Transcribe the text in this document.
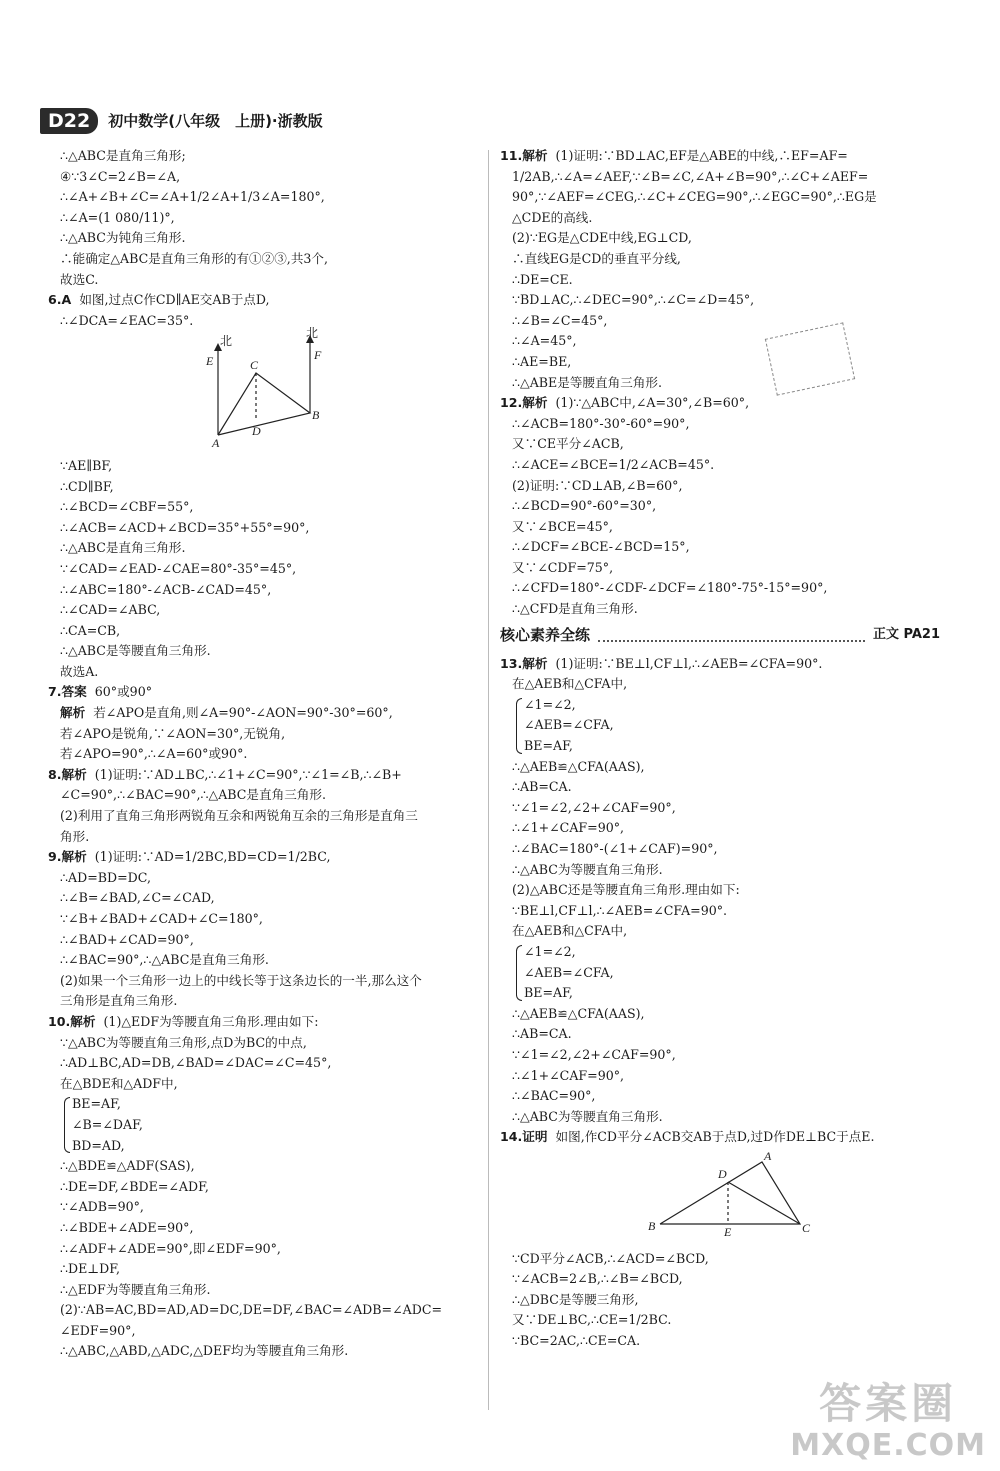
D22	初中数学(八年级　上册)·浙教版
∴△ABC是直角三角形;
④∵3∠C=2∠B=∠A,
∴∠A+∠B+∠C=∠A+1/2∠A+1/3∠A=180°,
∴∠A=(1 080/11)°,
∴△ABC为钝角三角形.
∴能确定△ABC是直角三角形的有①②③,共3个,
故选C.
6.A 如图,过点C作CD∥AE交AB于点D,
∴∠DCA=∠EAC=35°.
北
北
E	C
F
A
D
B
∵AE∥BF,
∴CD∥BF,
∴∠BCD=∠CBF=55°,
∴∠ACB=∠ACD+∠BCD=35°+55°=90°,
∴△ABC是直角三角形.
∵∠CAD=∠EAD-∠CAE=80°-35°=45°,
∴∠ABC=180°-∠ACB-∠CAD=45°,
∴∠CAD=∠ABC,
∴CA=CB,
∴△ABC是等腰直角三角形.
故选A.
7.答案 60°或90°
解析 若∠APO是直角,则∠A=90°-∠AON=90°-30°=60°,
若∠APO是锐角,∵∠AON=30°,无锐角,
若∠APO=90°,∴∠A=60°或90°.
8.解析 (1)证明:∵AD⊥BC,∴∠1+∠C=90°,∵∠1=∠B,∴∠B+
∠C=90°,∴∠BAC=90°,∴△ABC是直角三角形.
(2)利用了直角三角形两锐角互余和两锐角互余的三角形是直角三
角形.
9.解析 (1)证明:∵AD=1/2BC,BD=CD=1/2BC,
∴AD=BD=DC,
∴∠B=∠BAD,∠C=∠CAD,
∵∠B+∠BAD+∠CAD+∠C=180°,
∴∠BAD+∠CAD=90°,
∴∠BAC=90°,∴△ABC是直角三角形.
(2)如果一个三角形一边上的中线长等于这条边长的一半,那么这个
三角形是直角三角形.
10.解析 (1)△EDF为等腰直角三角形.理由如下:
∵△ABC为等腰直角三角形,点D为BC的中点,
∴AD⊥BC,AD=DB,∠BAD=∠DAC=∠C=45°,
在△BDE和△ADF中,
BE=AF,
∠B=∠DAF,
BD=AD,
∴△BDE≌△ADF(SAS),
∴DE=DF,∠BDE=∠ADF,
∵∠ADB=90°,
∴∠BDE+∠ADE=90°,
∴∠ADF+∠ADE=90°,即∠EDF=90°,
∴DE⊥DF,
∴△EDF为等腰直角三角形.
(2)∵AB=AC,BD=AD,AD=DC,DE=DF,∠BAC=∠ADB=∠ADC=
∠EDF=90°,
∴△ABC,△ABD,△ADC,△DEF均为等腰直角三角形.
11.解析 (1)证明:∵BD⊥AC,EF是△ABE的中线,∴EF=AF=
1/2AB,∴∠A=∠AEF,∵∠B=∠C,∠A+∠B=90°,∴∠C+∠AEF=
90°,∵∠AEF=∠CEG,∴∠C+∠CEG=90°,∴∠EGC=90°,∴EG是
△CDE的高线.
(2)∵EG是△CDE中线,EG⊥CD,
∴直线EG是CD的垂直平分线,
∴DE=CE.
∵BD⊥AC,∴∠DEC=90°,∴∠C=∠D=45°,
∴∠B=∠C=45°,
∴∠A=45°,
∴AE=BE,
∴△ABE是等腰直角三角形.
12.解析 (1)∵△ABC中,∠A=30°,∠B=60°,
∴∠ACB=180°-30°-60°=90°,
又∵CE平分∠ACB,
∴∠ACE=∠BCE=1/2∠ACB=45°.
(2)证明:∵CD⊥AB,∠B=60°,
∴∠BCD=90°-60°=30°,
又∵∠BCE=45°,
∴∠DCF=∠BCE-∠BCD=15°,
又∵∠CDF=75°,
∴∠CFD=180°-∠CDF-∠DCF=∠180°-75°-15°=90°,
∴△CFD是直角三角形.
核心素养全练	正文 PA21
13.解析 (1)证明:∵BE⊥l,CF⊥l,∴∠AEB=∠CFA=90°.
在△AEB和△CFA中,
∠1=∠2,
∠AEB=∠CFA,
BE=AF,
∴△AEB≌△CFA(AAS),
∴AB=CA.
∵∠1=∠2,∠2+∠CAF=90°,
∴∠1+∠CAF=90°,
∴∠BAC=180°-(∠1+∠CAF)=90°,
∴△ABC为等腰直角三角形.
(2)△ABC还是等腰直角三角形.理由如下:
∵BE⊥l,CF⊥l,∴∠AEB=∠CFA=90°.
在△AEB和△CFA中,
∠1=∠2,
∠AEB=∠CFA,
BE=AF,
∴△AEB≌△CFA(AAS),
∴AB=CA.
∵∠1=∠2,∠2+∠CAF=90°,
∴∠1+∠CAF=90°,
∴∠BAC=90°,
∴△ABC为等腰直角三角形.
14.证明 如图,作CD平分∠ACB交AB于点D,过D作DE⊥BC于点E.
A
D
B	E	C
∵CD平分∠ACB,∴∠ACD=∠BCD,
∵∠ACB=2∠B,∴∠B=∠BCD,
∴△DBC是等腰三角形,
又∵DE⊥BC,∴CE=1/2BC.
∵BC=2AC,∴CE=CA.
答案圈
MXQE.COM
